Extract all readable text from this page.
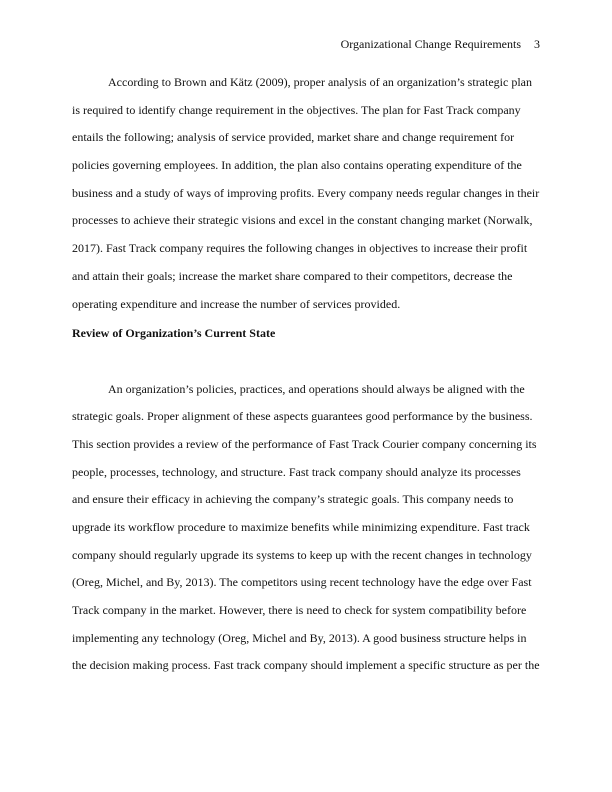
Organizational Change Requirements 3
According to Brown and Kätz (2009), proper analysis of an organization’s strategic plan
is required to identify change requirement in the objectives. The plan for Fast Track company
entails the following; analysis of service provided, market share and change requirement for
policies governing employees. In addition, the plan also contains operating expenditure of the
business and a study of ways of improving profits. Every company needs regular changes in their
processes to achieve their strategic visions and excel in the constant changing market (Norwalk,
2017). Fast Track company requires the following changes in objectives to increase their profit
and attain their goals; increase the market share compared to their competitors, decrease the
operating expenditure and increase the number of services provided.
Review of Organization’s Current State
An organization’s policies, practices, and operations should always be aligned with the
strategic goals. Proper alignment of these aspects guarantees good performance by the business.
This section provides a review of the performance of Fast Track Courier company concerning its
people, processes, technology, and structure. Fast track company should analyze its processes
and ensure their efficacy in achieving the company’s strategic goals. This company needs to
upgrade its workflow procedure to maximize benefits while minimizing expenditure. Fast track
company should regularly upgrade its systems to keep up with the recent changes in technology
(Oreg, Michel, and By, 2013). The competitors using recent technology have the edge over Fast
Track company in the market. However, there is need to check for system compatibility before
implementing any technology (Oreg, Michel and By, 2013). A good business structure helps in
the decision making process. Fast track company should implement a specific structure as per the
